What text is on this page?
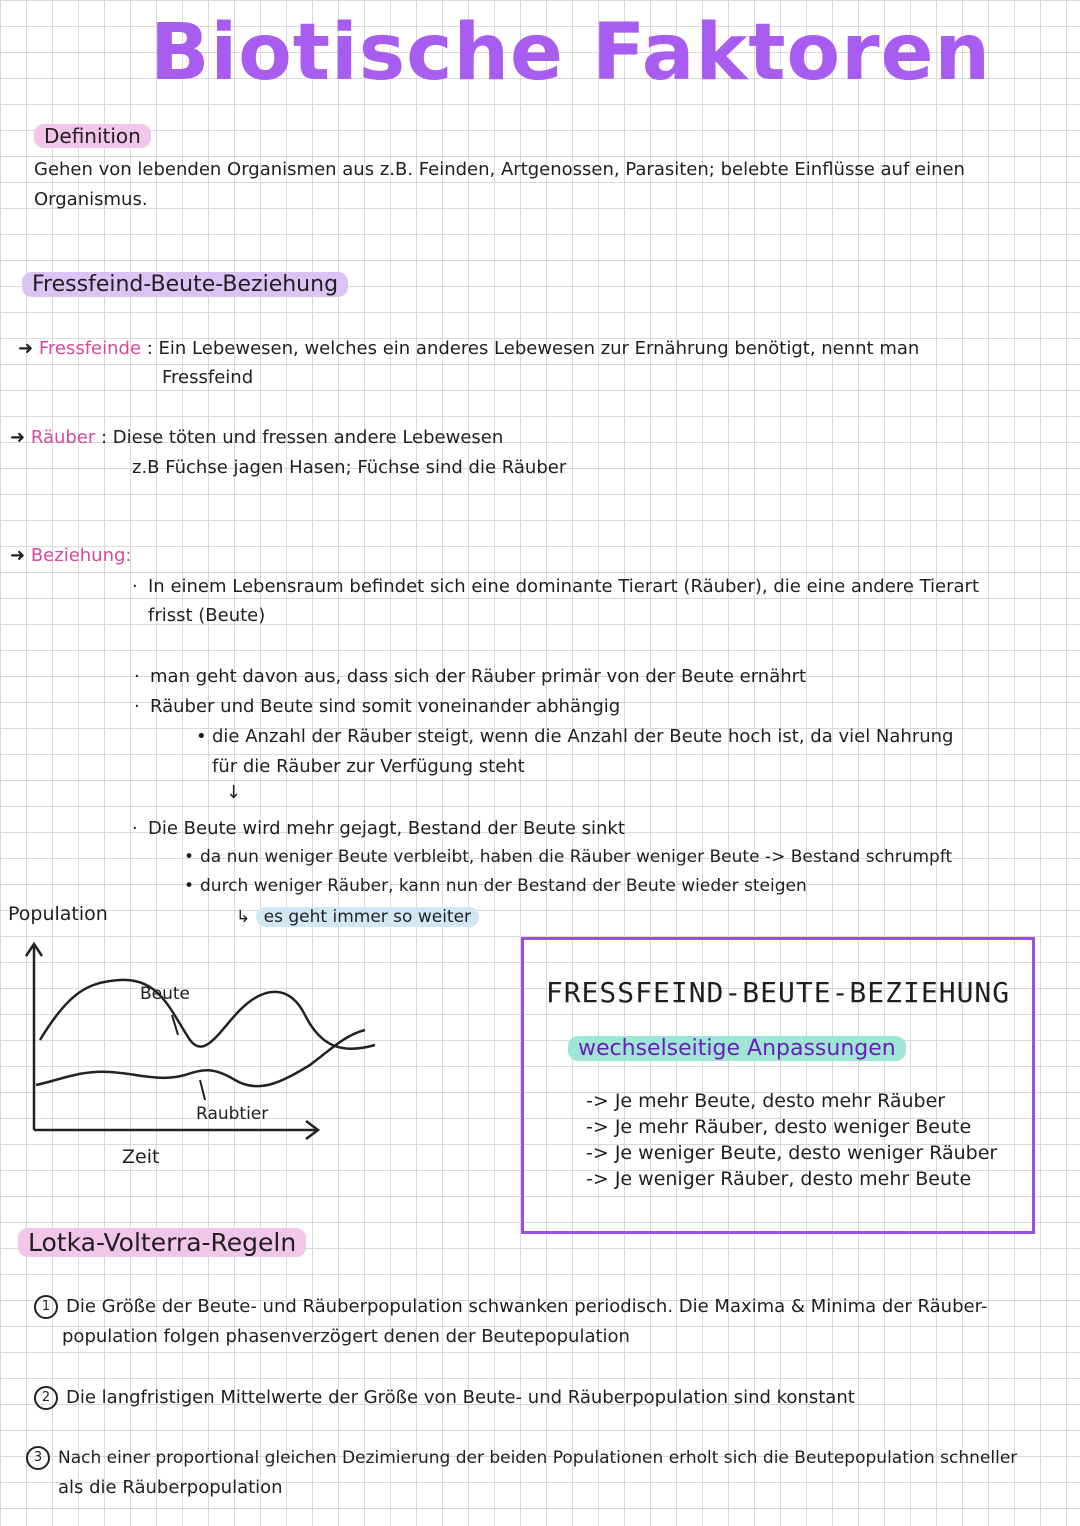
Biotische Faktoren
Definition
Gehen von lebenden Organismen aus z.B. Feinden, Artgenossen, Parasiten; belebte Einflüsse auf einen Organismus.
Fressfeind-Beute-Beziehung
➜ Fressfeinde : Ein Lebewesen, welches ein anderes Lebewesen zur Ernährung benötigt, nennt man
Fressfeind
➜ Räuber : Diese töten und fressen andere Lebewesen
z.B Füchse jagen Hasen; Füchse sind die Räuber
➜ Beziehung:
· In einem Lebensraum befindet sich eine dominante Tierart (Räuber), die eine andere Tierart
frisst (Beute)
· man geht davon aus, dass sich der Räuber primär von der Beute ernährt
· Räuber und Beute sind somit voneinander abhängig
• die Anzahl der Räuber steigt, wenn die Anzahl der Beute hoch ist, da viel Nahrung
für die Räuber zur Verfügung steht
↓
· Die Beute wird mehr gejagt, Bestand der Beute sinkt
• da nun weniger Beute verbleibt, haben die Räuber weniger Beute -> Bestand schrumpft
• durch weniger Räuber, kann nun der Bestand der Beute wieder steigen
↳ es geht immer so weiter
Population
Beute
Raubtier
Zeit
FRESSFEIND-BEUTE-BEZIEHUNG
wechselseitige Anpassungen
-> Je mehr Beute, desto mehr Räuber
-> Je mehr Räuber, desto weniger Beute
-> Je weniger Beute, desto weniger Räuber
-> Je weniger Räuber, desto mehr Beute
Lotka-Volterra-Regeln
1 Die Größe der Beute- und Räuberpopulation schwanken periodisch. Die Maxima & Minima der Räuber-
population folgen phasenverzögert denen der Beutepopulation
2 Die langfristigen Mittelwerte der Größe von Beute- und Räuberpopulation sind konstant
3 Nach einer proportional gleichen Dezimierung der beiden Populationen erholt sich die Beutepopulation schneller
als die Räuberpopulation
